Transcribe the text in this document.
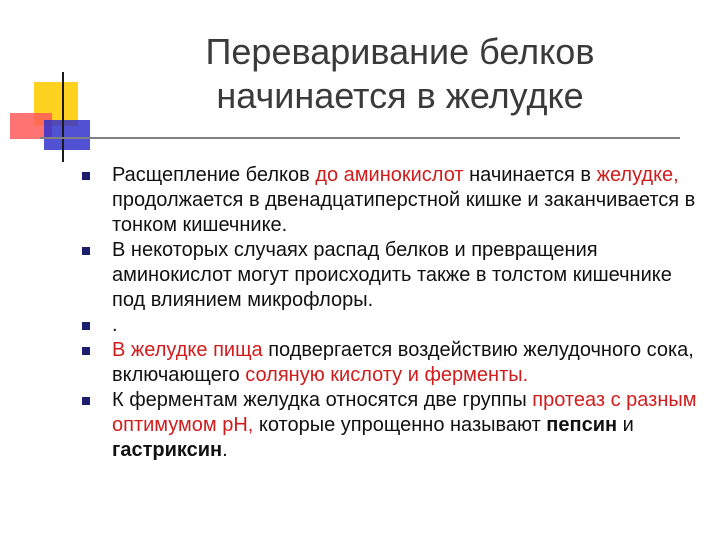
Переваривание белков
начинается в желудке
Расщепление белков до аминокислот начинается в желудке, продолжается в двенадцатиперстной кишке и заканчивается в тонком кишечнике.
В некоторых случаях распад белков и превращения аминокислот могут происходить также в толстом кишечнике под влиянием микрофлоры.
.
В желудке пища подвергается воздействию желудочного сока, включающего соляную кислоту и ферменты.
К ферментам желудка относятся две группы протеаз с разным оптимумом pH, которые упрощенно называют пепсин и гастриксин.
